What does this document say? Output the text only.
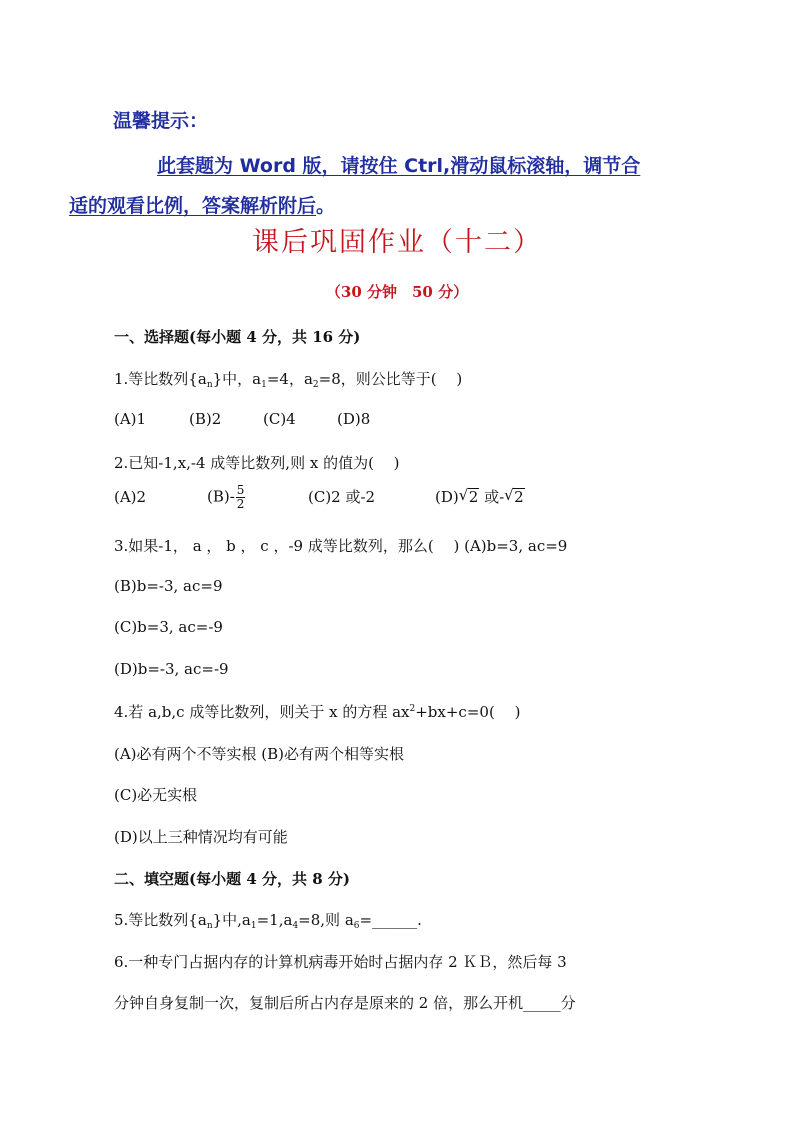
温馨提示：
此套题为 Word 版，请按住 Ctrl,滑动鼠标滚轴，调节合
适的观看比例，答案解析附后。
课后巩固作业（十二）
（30 分钟　50 分）
一、选择题(每小题 4 分，共 16 分)
1.等比数列$\{a_n\}$中，$a_1=4$，$a_2=8$，则公比等于(　 )
(A)1	(B)2	(C)4	(D)8
2.已知-1,x,-4 成等比数列,则 x 的值为(　 )
(A)2	$(B)- \frac{5}{2}$	(C)2 或-2	(D) √ 2 或- √ 2
3.如果-1， a ， b ， c ，-9 成等比数列，那么(　 ) (A)b=3, ac=9
(B)b=-3, ac=9
(C)b=3, ac=-9
(D)b=-3, ac=-9
4.若 a,b,c 成等比数列，则关于 x 的方程 $ax^2+bx+c=0$(　 )
(A)必有两个不等实根 (B)必有两个相等实根
(C)必无实根
(D)以上三种情况均有可能
二、填空题(每小题 4 分，共 8 分)
5.等比数列$\{a_n\}$中$,a_1=1,a_4=8$,则 $a_6=\_\_\_\_\_\_$.
6.一种专门占据内存的计算机病毒开始时占据内存 2 ＫＢ，然后每 3
分钟自身复制一次，复制后所占内存是原来的 2 倍，那么开机_____分
